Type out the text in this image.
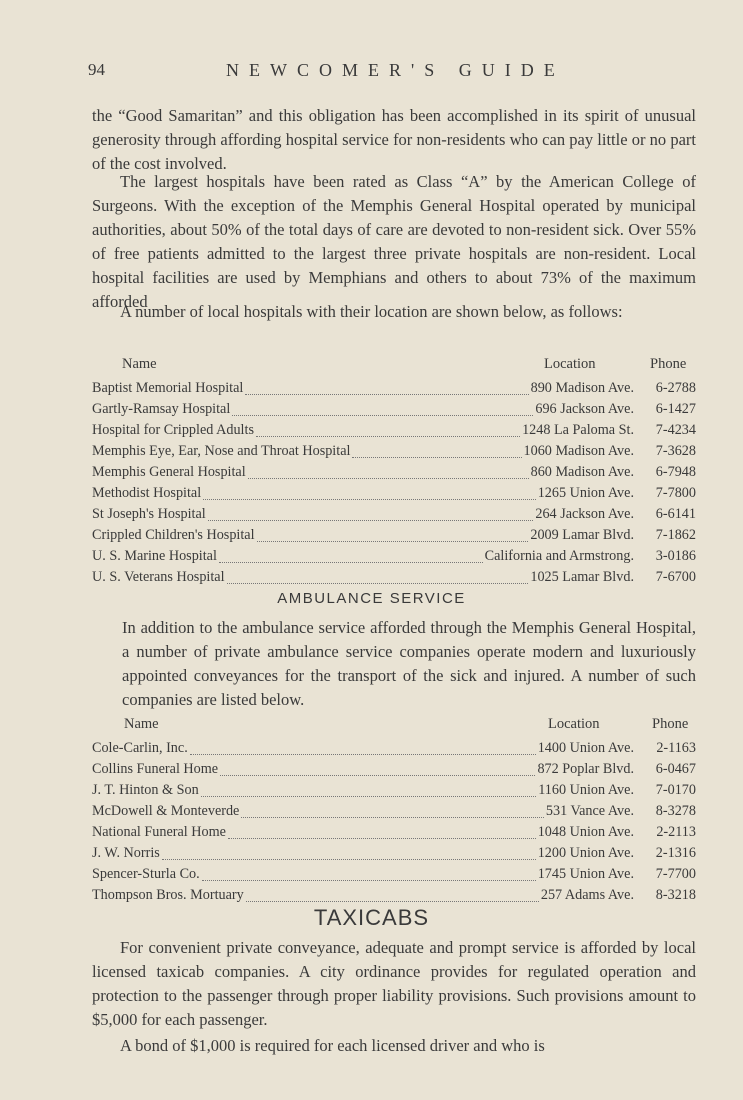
94	NEWCOMER'S GUIDE

the “Good Samaritan” and this obligation has been accomplished in its spirit of unusual generosity through affording hospital service for non-residents who can pay little or no part of the cost involved.

The largest hospitals have been rated as Class “A” by the American College of Surgeons. With the exception of the Memphis General Hospital operated by municipal authorities, about 50% of the total days of care are devoted to non-resident sick. Over 55% of free patients admitted to the largest three private hospitals are non-resident. Local hospital facilities are used by Memphians and others to about 73% of the maximum afforded

A number of local hospitals with their location are shown below, as follows:

Name	Location	Phone
Baptist Memorial Hospital	890 Madison Ave.	6-2788
Gartly-Ramsay Hospital	696 Jackson Ave.	6-1427
Hospital for Crippled Adults	1248 La Paloma St.	7-4234
Memphis Eye, Ear, Nose and Throat Hospital	1060 Madison Ave.	7-3628
Memphis General Hospital	860 Madison Ave.	6-7948
Methodist Hospital	1265 Union Ave.	7-7800
St Joseph's Hospital	264 Jackson Ave.	6-6141
Crippled Children's Hospital	2009 Lamar Blvd.	7-1862
U. S. Marine Hospital	California and Armstrong.	3-0186
U. S. Veterans Hospital	1025 Lamar Blvd.	7-6700
AMBULANCE SERVICE

In addition to the ambulance service afforded through the Memphis General Hospital, a number of private ambulance service companies operate modern and luxuriously appointed conveyances for the transport of the sick and injured. A number of such companies are listed below.

Name	Location	Phone
Cole-Carlin, Inc.	1400 Union Ave.	2-1163
Collins Funeral Home	872 Poplar Blvd.	6-0467
J. T. Hinton & Son	1160 Union Ave.	7-0170
McDowell & Monteverde	531 Vance Ave.	8-3278
National Funeral Home	1048 Union Ave.	2-2113
J. W. Norris	1200 Union Ave.	2-1316
Spencer-Sturla Co.	1745 Union Ave.	7-7700
Thompson Bros. Mortuary	257 Adams Ave.	8-3218
TAXICABS

For convenient private conveyance, adequate and prompt service is afforded by local licensed taxicab companies. A city ordinance provides for regulated operation and protection to the passenger through proper liability provisions. Such provisions amount to $5,000 for each passenger.

A bond of $1,000 is required for each licensed driver and who is
